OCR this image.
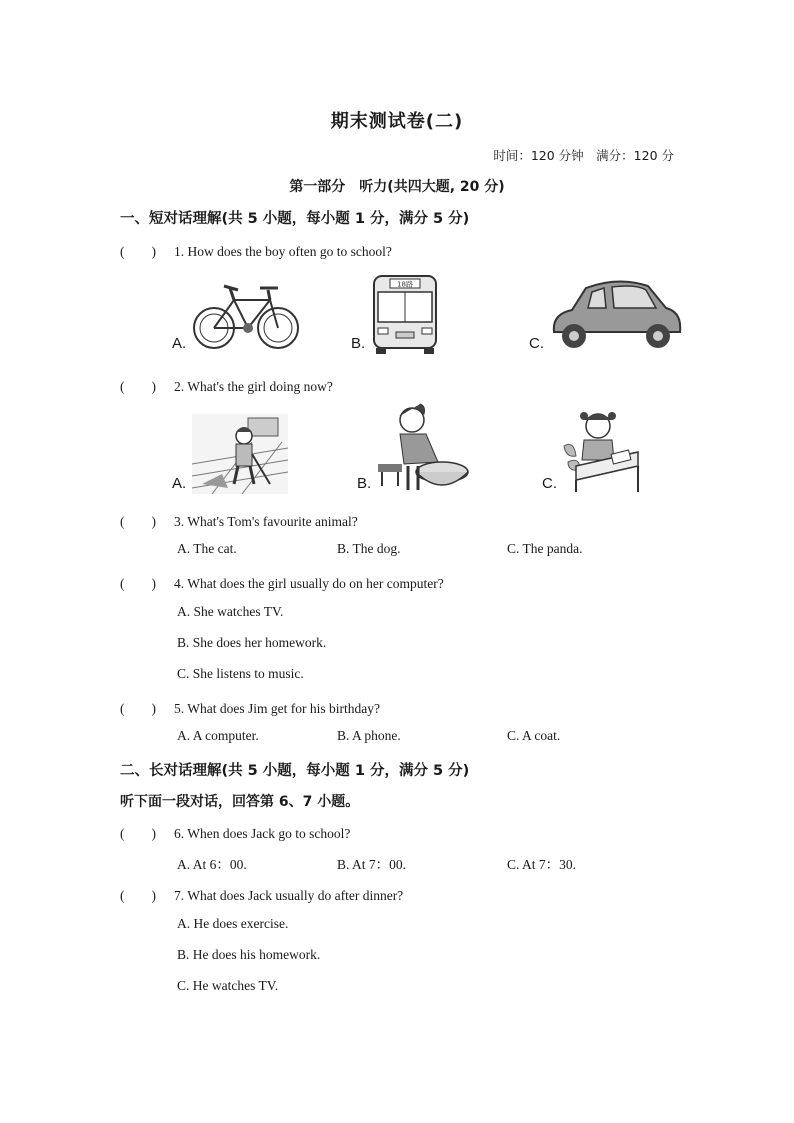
期末测试卷(二)
时间：120 分钟　满分：120 分
第一部分　听力(共四大题, 20 分)
一、短对话理解(共 5 小题，每小题 1 分，满分 5 分)
(　　) 1. How does the boy often go to school?
A.	B.
18路
C.
(　　) 2. What's the girl doing now?
A.	B.	C.
(　　) 3. What's Tom's favourite animal?
A. The cat.	B. The dog.	C. The panda.
(　　) 4. What does the girl usually do on her computer?
A. She watches TV.
B. She does her homework.
C. She listens to music.
(　　) 5. What does Jim get for his birthday?
A. A computer.	B. A phone.	C. A coat.
二、长对话理解(共 5 小题，每小题 1 分，满分 5 分)
听下面一段对话，回答第 6、7 小题。
(　　) 6. When does Jack go to school?
A. At 6：00.	B. At 7：00.	C. At 7：30.
(　　) 7. What does Jack usually do after dinner?
A. He does exercise.
B. He does his homework.
C. He watches TV.
